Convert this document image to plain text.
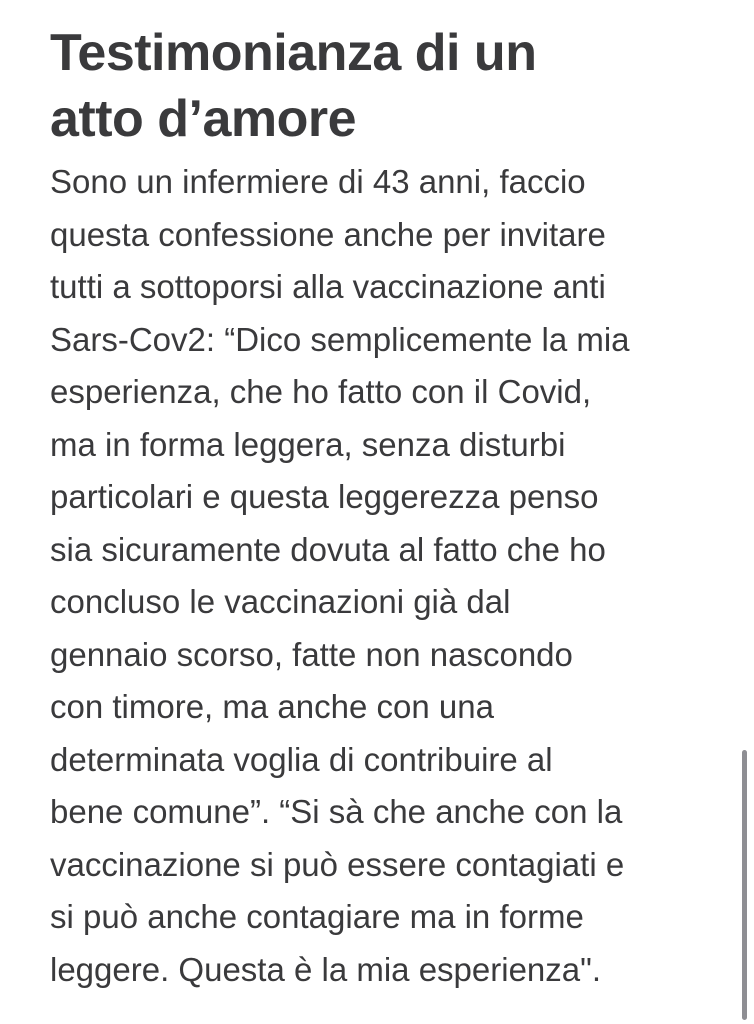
Testimonianza di un
atto d’amore

Sono un infermiere di 43 anni, faccio
questa confessione anche per invitare
tutti a sottoporsi alla vaccinazione anti
Sars-Cov2: “Dico semplicemente la mia
esperienza, che ho fatto con il Covid,
ma in forma leggera, senza disturbi
particolari e questa leggerezza penso
sia sicuramente dovuta al fatto che ho
concluso le vaccinazioni già dal
gennaio scorso, fatte non nascondo
con timore, ma anche con una
determinata voglia di contribuire al
bene comune”. “Si sà che anche con la
vaccinazione si può essere contagiati e
si può anche contagiare ma in forme
leggere. Questa è la mia esperienza".
